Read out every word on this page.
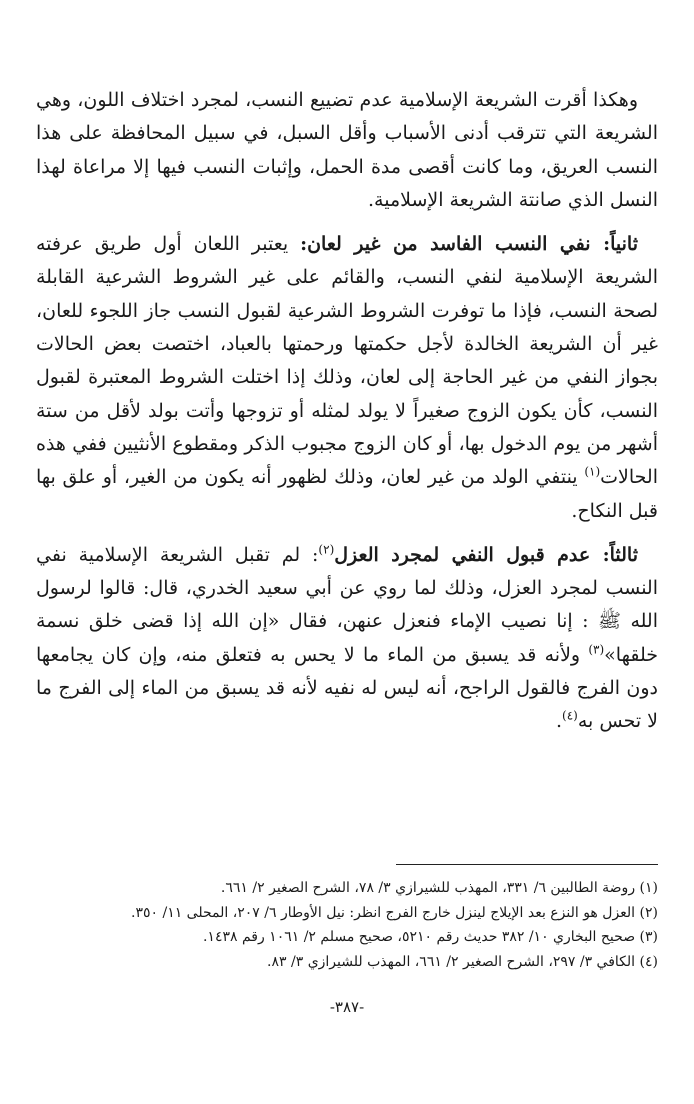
وهكذا أقرت الشريعة الإسلامية عدم تضييع النسب، لمجرد اختلاف اللون، وهي الشريعة التي تترقب أدنى الأسباب وأقل السبل، في سبيل المحافظة على هذا النسب العريق، وما كانت أقصى مدة الحمل، وإثبات النسب فيها إلا مراعاة لهذا النسل الذي صانتة الشريعة الإسلامية.

ثانياً: نفي النسب الفاسد من غير لعان: يعتبر اللعان أول طريق عرفته الشريعة الإسلامية لنفي النسب، والقائم على غير الشروط الشرعية القابلة لصحة النسب، فإذا ما توفرت الشروط الشرعية لقبول النسب جاز اللجوء للعان، غير أن الشريعة الخالدة لأجل حكمتها ورحمتها بالعباد، اختصت بعض الحالات بجواز النفي من غير الحاجة إلى لعان، وذلك إذا اختلت الشروط المعتبرة لقبول النسب، كأن يكون الزوج صغيراً لا يولد لمثله أو تزوجها وأتت بولد لأقل من ستة أشهر من يوم الدخول بها، أو كان الزوج مجبوب الذكر ومقطوع الأنثيين ففي هذه الحالات$^{(١)}$ ينتفي الولد من غير لعان، وذلك لظهور أنه يكون من الغير، أو علق بها قبل النكاح.

ثالثاً: عدم قبول النفي لمجرد العزل$^{(٢)}$: لم تقبل الشريعة الإسلامية نفي النسب لمجرد العزل، وذلك لما روي عن أبي سعيد الخدري، قال: قالوا لرسول الله ﷺ : إنا نصيب الإماء فنعزل عنهن، فقال «إن الله إذا قضى خلق نسمة خلقها»$^{(٣)}$ ولأنه قد يسبق من الماء ما لا يحس به فتعلق منه، وإن كان يجامعها دون الفرج فالقول الراجح، أنه ليس له نفيه لأنه قد يسبق من الماء إلى الفرج ما لا تحس به$^{(٤)}$.

(١) روضة الطالبين ٦/ ٣٣١، المهذب للشيرازي ٣/ ٧٨، الشرح الصغير ٢/ ٦٦١.

(٢) العزل هو النزع بعد الإيلاج لينزل خارج الفرج انظر: نيل الأوطار ٦/ ٢٠٧، المحلى ١١/ ٣٥٠.

(٣) صحيح البخاري ١٠/ ٣٨٢ حديث رقم ٥٢١٠، صحيح مسلم ٢/ ١٠٦١ رقم ١٤٣٨.

(٤) الكافي ٣/ ٢٩٧، الشرح الصغير ٢/ ٦٦١، المهذب للشيرازي ٣/ ٨٣.

-٣٨٧-
